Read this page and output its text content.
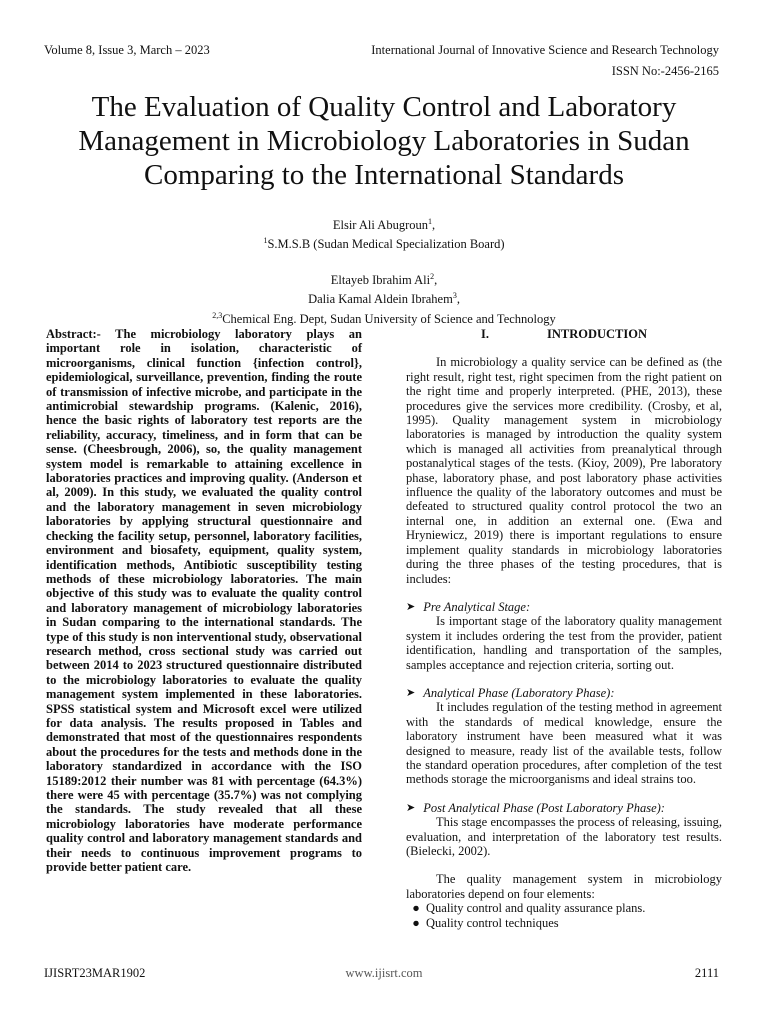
Volume 8, Issue 3, March – 2023	International Journal of Innovative Science and Research Technology
ISSN No:-2456-2165
The Evaluation of Quality Control and Laboratory
Management in Microbiology Laboratories in Sudan
Comparing to the International Standards
Elsir Ali Abugroun$^1$,
$^1$S.M.S.B (Sudan Medical Specialization Board)
Eltayeb Ibrahim Ali$^2$,
Dalia Kamal Aldein Ibrahem$^3$,
$^{2,3}$Chemical Eng. Dept, Sudan University of Science and Technology

Abstract:- The microbiology laboratory plays an important role in isolation, characteristic of microorganisms, clinical function {infection control}, epidemiological, surveillance, prevention, finding the route of transmission of infective microbe, and participate in the antimicrobial stewardship programs. (Kalenic, 2016), hence the basic rights of laboratory test reports are the reliability, accuracy, timeliness, and in form that can be sense. (Cheesbrough, 2006), so, the quality management system model is remarkable to attaining excellence in laboratories practices and improving quality. (Anderson et al, 2009). In this study, we evaluated the quality control and the laboratory management in seven microbiology laboratories by applying structural questionnaire and checking the facility setup, personnel, laboratory facilities, environment and biosafety, equipment, quality system, identification methods, Antibiotic susceptibility testing methods of these microbiology laboratories. The main objective of this study was to evaluate the quality control and laboratory management of microbiology laboratories in Sudan comparing to the international standards. The type of this study is non interventional study, observational research method, cross sectional study was carried out between 2014 to 2023 structured questionnaire distributed to the microbiology laboratories to evaluate the quality management system implemented in these laboratories. SPSS statistical system and Microsoft excel were utilized for data analysis. The results proposed in Tables and demonstrated that most of the questionnaires respondents about the procedures for the tests and methods done in the laboratory standardized in accordance with the ISO 15189:2012 their number was 81 with percentage (64.3%) there were 45 with percentage (35.7%) was not complying the standards. The study revealed that all these microbiology laboratories have moderate performance quality control and laboratory management standards and their needs to continuous improvement programs to provide better patient care.

I.	INTRODUCTION

In microbiology a quality service can be defined as (the right result, right test, right specimen from the right patient on the right time and properly interpreted. (PHE, 2013), these procedures give the services more credibility. (Crosby, et al, 1995). Quality management system in microbiology laboratories is managed by introduction the quality system which is managed all activities from preanalytical through postanalytical stages of the tests. (Kioy, 2009), Pre laboratory phase, laboratory phase, and post laboratory phase activities influence the quality of the laboratory outcomes and must be defeated to structured quality control protocol the two an internal one, in addition an external one. (Ewa and Hryniewicz, 2019) there is important regulations to ensure implement quality standards in microbiology laboratories during the three phases of the testing procedures, that is includes:

➤ Pre Analytical Stage:

Is important stage of the laboratory quality management system it includes ordering the test from the provider, patient identification, handling and transportation of the samples, samples acceptance and rejection criteria, sorting out.

➤ Analytical Phase (Laboratory Phase):

It includes regulation of the testing method in agreement with the standards of medical knowledge, ensure the laboratory instrument have been measured what it was designed to measure, ready list of the available tests, follow the standard operation procedures, after completion of the test methods storage the microorganisms and ideal strains too.

➤ Post Analytical Phase (Post Laboratory Phase):

This stage encompasses the process of releasing, issuing, evaluation, and interpretation of the laboratory test results. (Bielecki, 2002).

The quality management system in microbiology laboratories depend on four elements:

● Quality control and quality assurance plans.
● Quality control techniques
IJISRT23MAR1902	www.ijisrt.com	2111
